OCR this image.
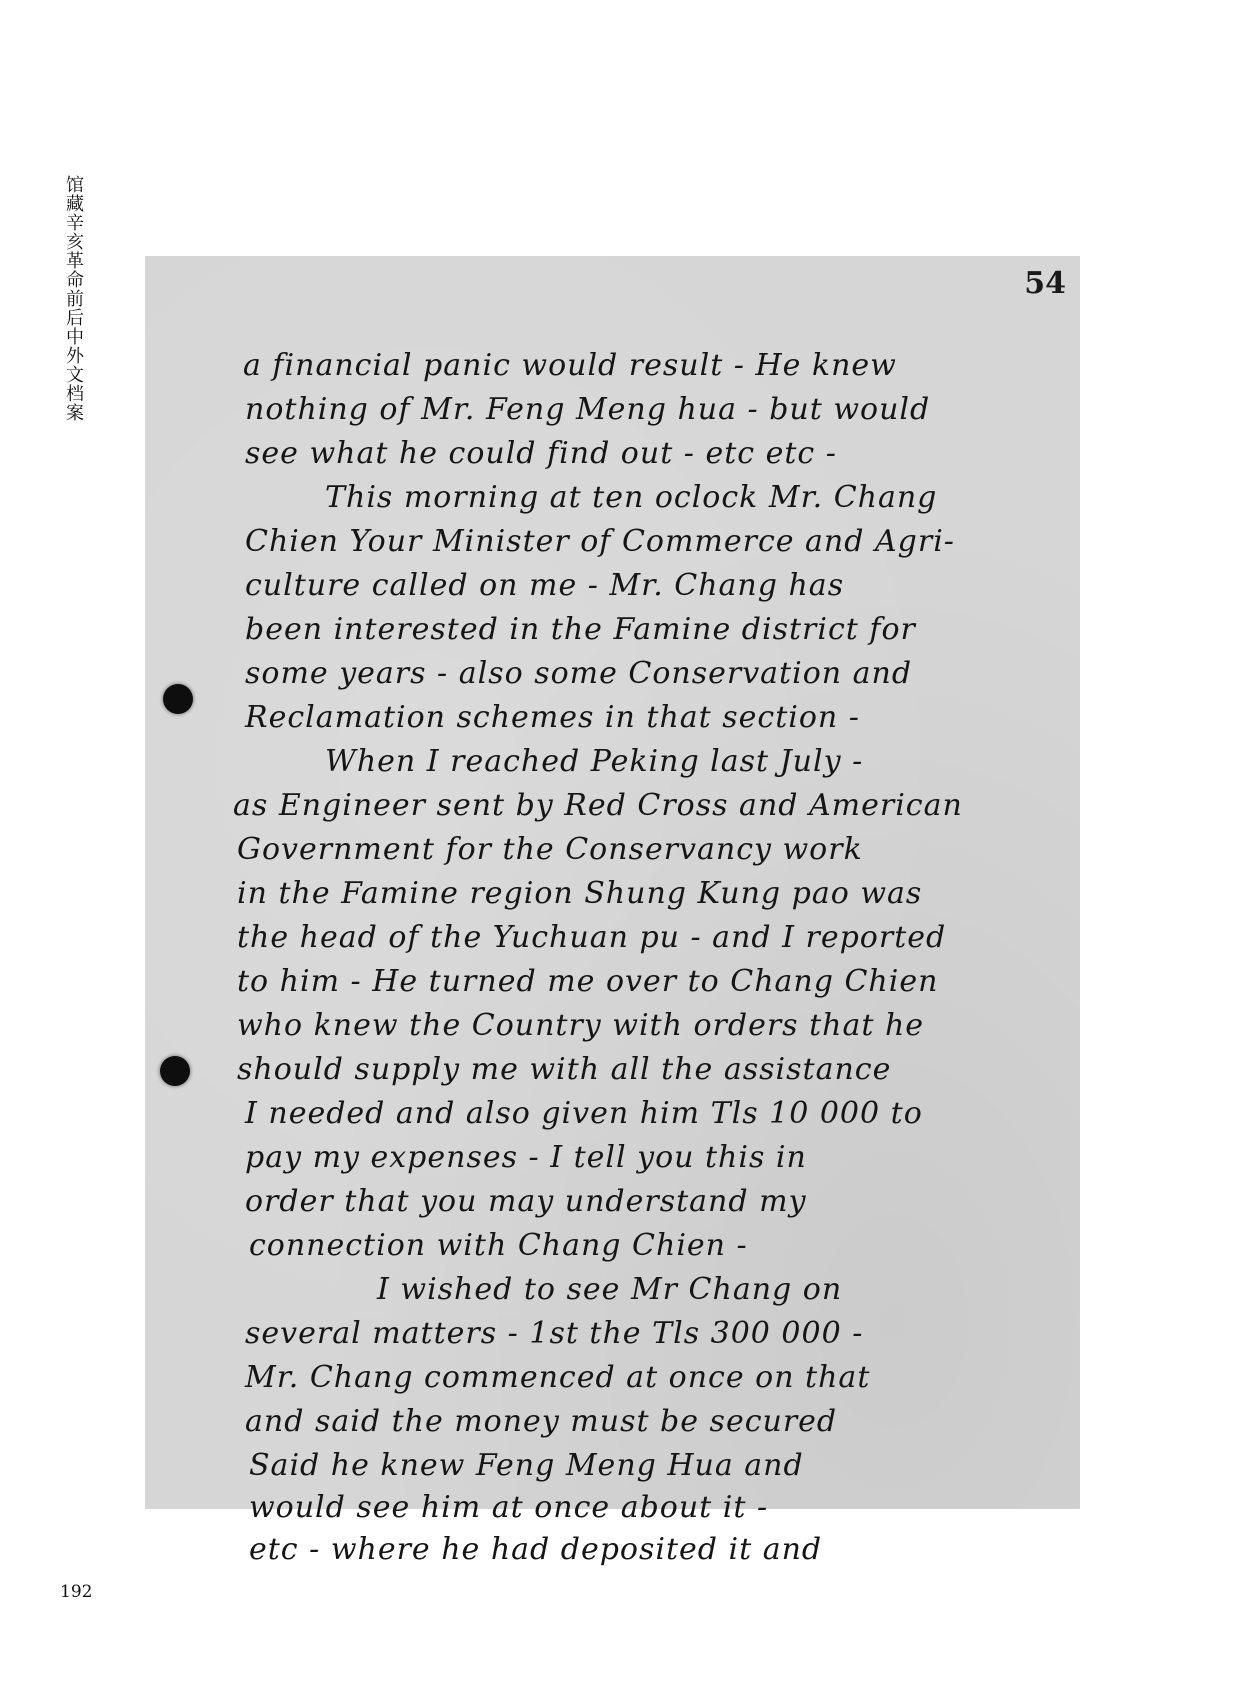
馆藏辛亥革命前后中外文档案	54
a financial panic would result - He knew
nothing of Mr. Feng Meng hua - but would
see what he could find out - etc etc -
This morning at ten oclock Mr. Chang
Chien Your Minister of Commerce and Agri-
culture called on me - Mr. Chang has
been interested in the Famine district for
some years - also some Conservation and
Reclamation schemes in that section -
When I reached Peking last July -
as Engineer sent by Red Cross and American
Government for the Conservancy work
in the Famine region Shung Kung pao was
the head of the Yuchuan pu - and I reported
to him - He turned me over to Chang Chien
who knew the Country with orders that he
should supply me with all the assistance
I needed and also given him Tls 10 000 to
pay my expenses - I tell you this in
order that you may understand my
connection with Chang Chien -
I wished to see Mr Chang on
several matters - 1st the Tls 300 000 -
Mr. Chang commenced at once on that
and said the money must be secured
Said he knew Feng Meng Hua and
would see him at once about it -
etc - where he had deposited it and
192
